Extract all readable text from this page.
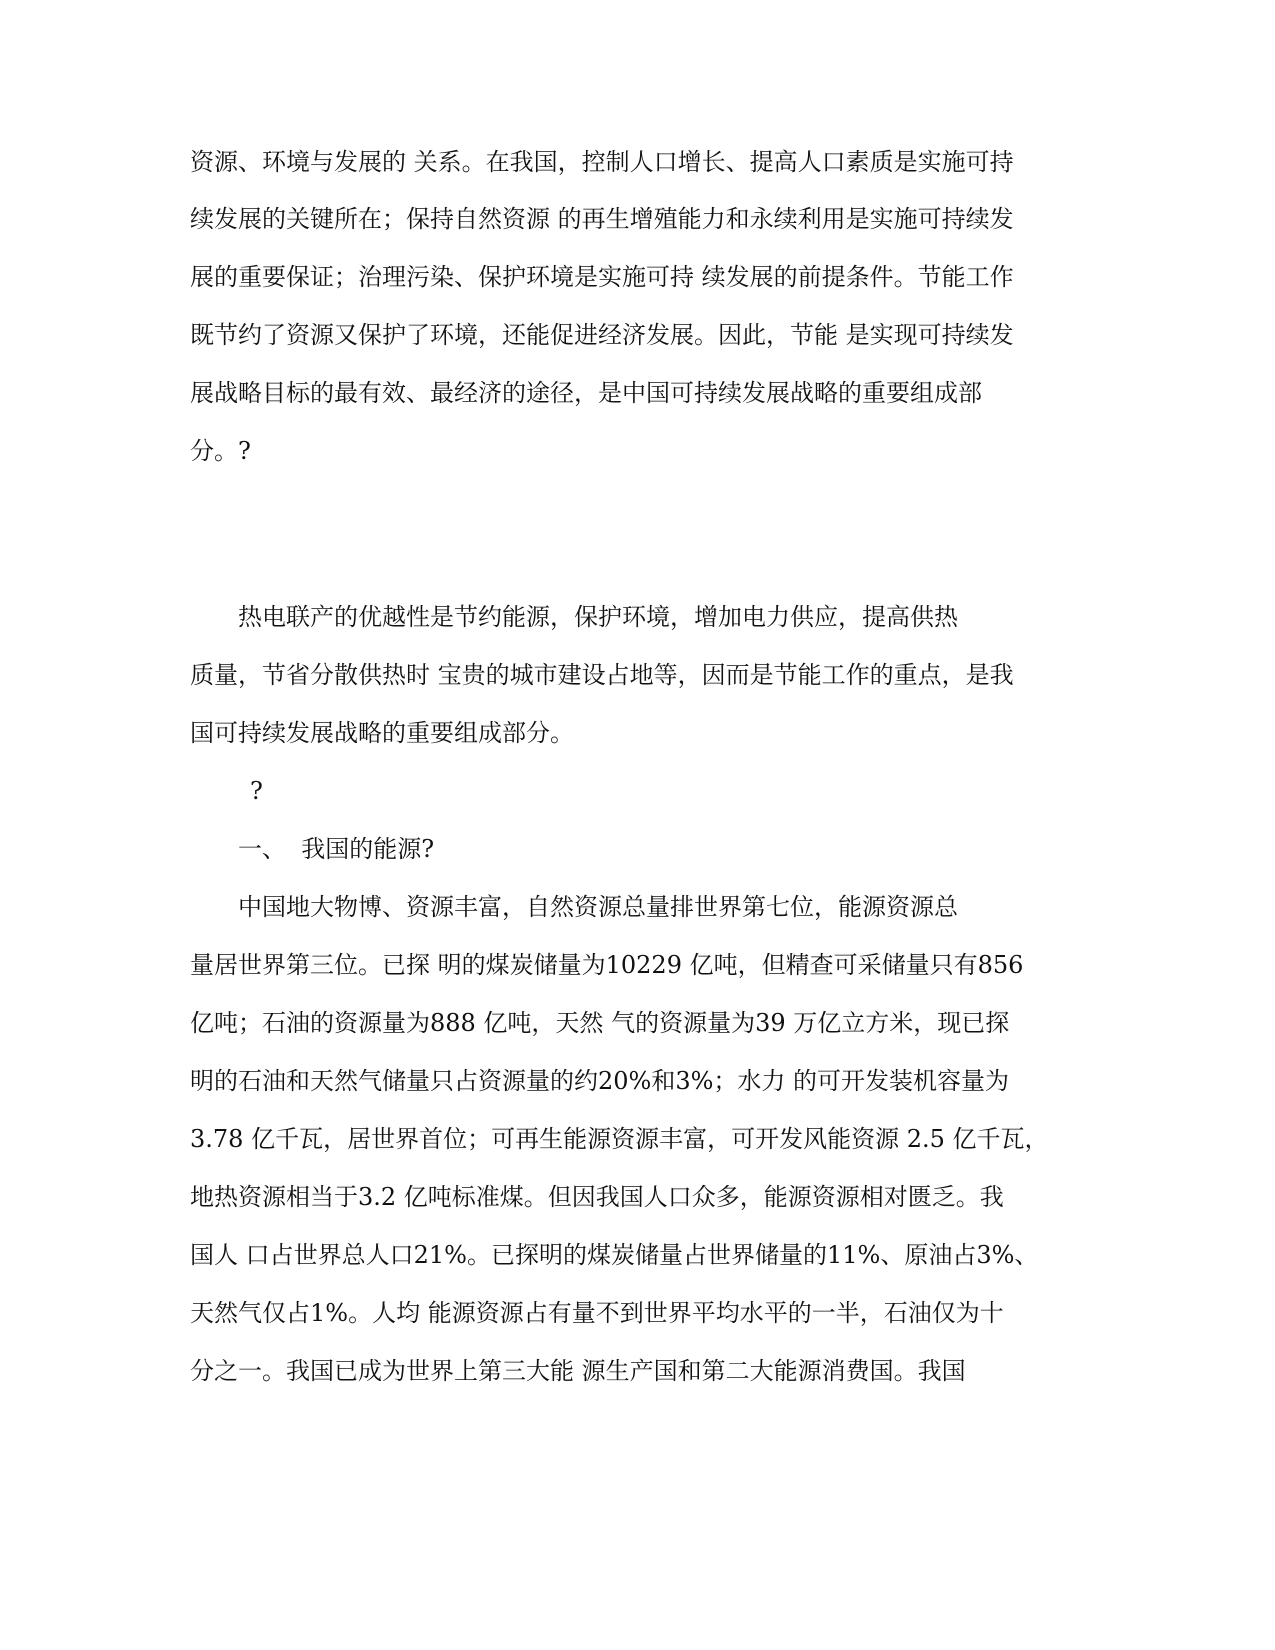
资源、环境与发展的 关系。在我国，控制人口增长、提高人口素质是实施可持
续发展的关键所在；保持自然资源 的再生增殖能力和永续利用是实施可持续发
展的重要保证；治理污染、保护环境是实施可持 续发展的前提条件。节能工作
既节约了资源又保护了环境，还能促进经济发展。因此，节能 是实现可持续发
展战略目标的最有效、最经济的途径，是中国可持续发展战略的重要组成部
分。?
热电联产的优越性是节约能源，保护环境，增加电力供应，提高供热
质量，节省分散供热时 宝贵的城市建设占地等，因而是节能工作的重点，是我
国可持续发展战略的重要组成部分。
?
一、  我国的能源?
中国地大物博、资源丰富，自然资源总量排世界第七位，能源资源总
量居世界第三位。已探 明的煤炭储量为10229 亿吨，但精查可采储量只有856
亿吨；石油的资源量为888 亿吨，天然 气的资源量为39 万亿立方米，现已探
明的石油和天然气储量只占资源量的约20%和3%；水力 的可开发装机容量为
3.78 亿千瓦，居世界首位；可再生能源资源丰富，可开发风能资源 2.5 亿千瓦，
地热资源相当于3.2 亿吨标准煤。但因我国人口众多，能源资源相对匮乏。我
国人 口占世界总人口21%。已探明的煤炭储量占世界储量的11%、原油占3%、
天然气仅占1%。人均 能源资源占有量不到世界平均水平的一半，石油仅为十
分之一。我国已成为世界上第三大能 源生产国和第二大能源消费国。我国
